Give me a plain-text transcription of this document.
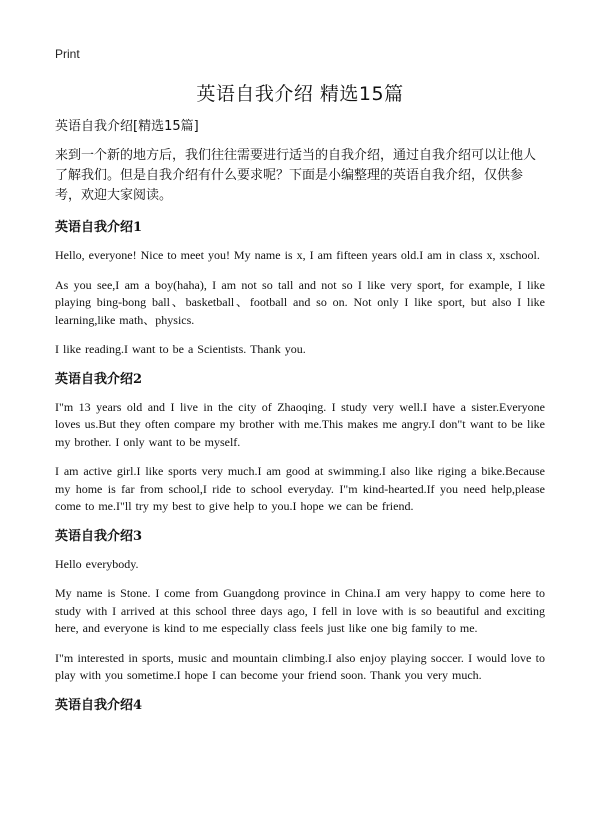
Print
英语自我介绍 精选15篇
英语自我介绍[精选15篇]
来到一个新的地方后，我们往往需要进行适当的自我介绍，通过自我介绍可以让他人了解我们。但是自我介绍有什么要求呢？下面是小编整理的英语自我介绍，仅供参考，欢迎大家阅读。
英语自我介绍1

Hello, everyone! Nice to meet you! My name is x, I am fifteen years old.I am in class x, xschool.

As you see,I am a boy(haha), I am not so tall and not so I like very sport, for example, I like playing bing-bong ball、basketball、football and so on. Not only I like sport, but also I like learning,like math、physics.

I like reading.I want to be a Scientists. Thank you.

英语自我介绍2

I"m 13 years old and I live in the city of Zhaoqing. I study very well.I have a sister.Everyone loves us.But they often compare my brother with me.This makes me angry.I don"t want to be like my brother. I only want to be myself.

I am active girl.I like sports very much.I am good at swimming.I also like riging a bike.Because my home is far from school,I ride to school everyday. I"m kind-hearted.If you need help,please come to me.I"ll try my best to give help to you.I hope we can be friend.

英语自我介绍3

Hello everybody.

My name is Stone. I come from Guangdong province in China.I am very happy to come here to study with I arrived at this school three days ago, I fell in love with is so beautiful and exciting here, and everyone is kind to me especially class feels just like one big family to me.

I"m interested in sports, music and mountain climbing.I also enjoy playing soccer. I would love to play with you sometime.I hope I can become your friend soon. Thank you very much.

英语自我介绍4
